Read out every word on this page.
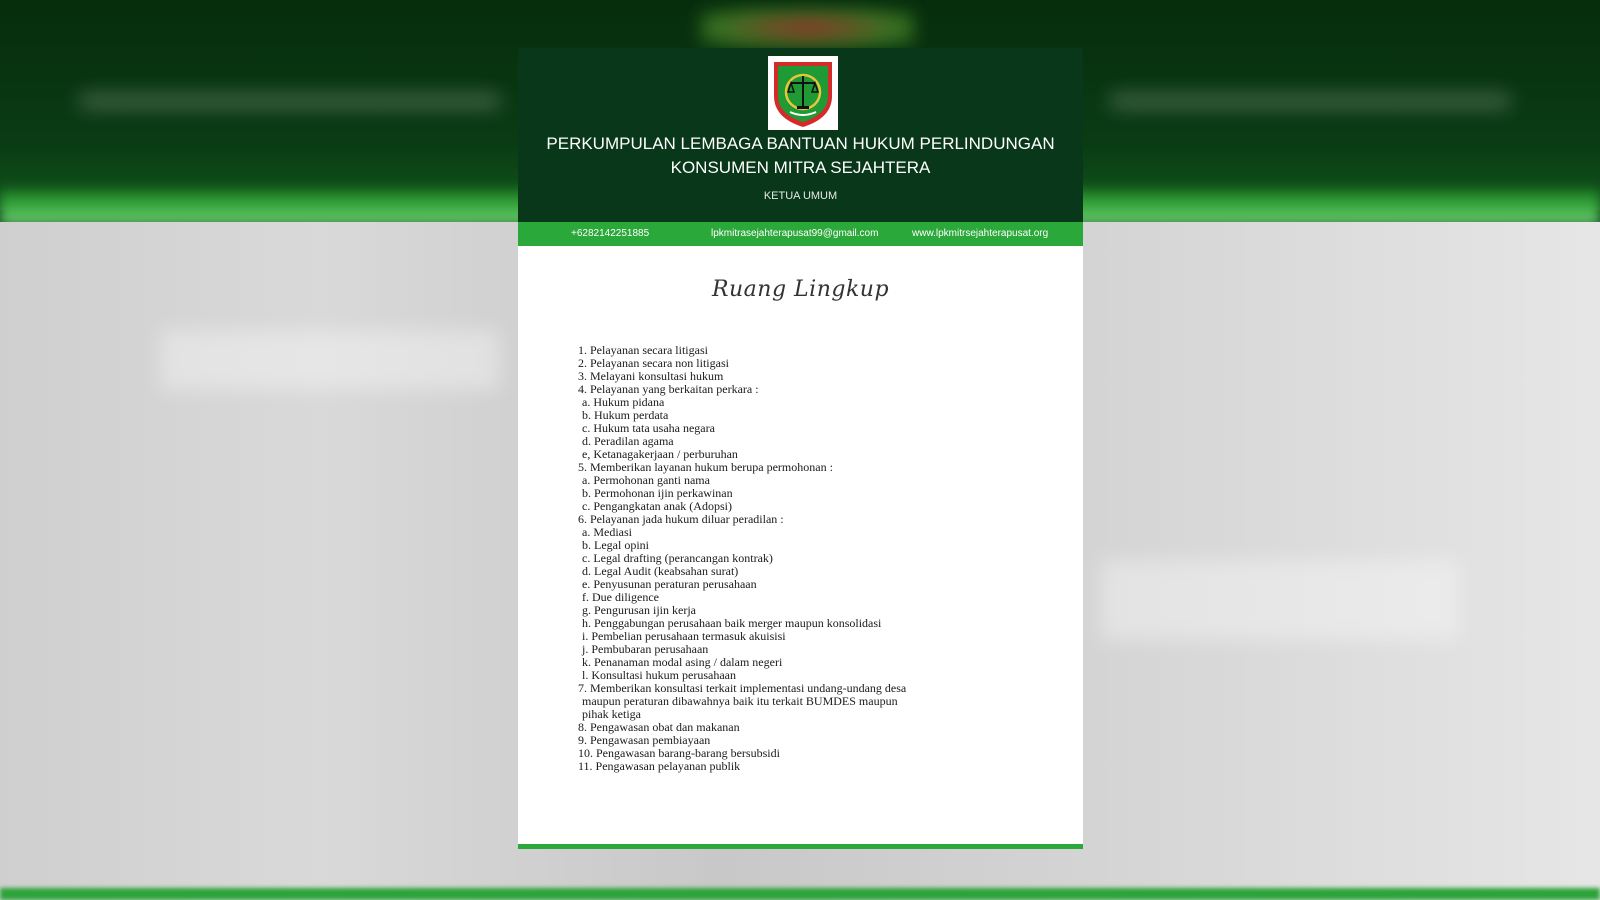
PERKUMPULAN LEMBAGA BANTUAN HUKUM PERLINDUNGAN
KONSUMEN MITRA SEJAHTERA
KETUA UMUM
+6282142251885	lpkmitrasejahterapusat99@gmail.com	www.lpkmitrsejahterapusat.org
Ruang Lingkup
1. Pelayanan secara litigasi
2. Pelayanan secara non litigasi
3. Melayani konsultasi hukum
4. Pelayanan yang berkaitan perkara :
a. Hukum pidana
b. Hukum perdata
c. Hukum tata usaha negara
d. Peradilan agama
e, Ketanagakerjaan / perburuhan
5. Memberikan layanan hukum berupa permohonan :
a. Permohonan ganti nama
b. Permohonan ijin perkawinan
c. Pengangkatan anak (Adopsi)
6. Pelayanan jada hukum diluar peradilan :
a. Mediasi
b. Legal opini
c. Legal drafting (perancangan kontrak)
d. Legal Audit (keabsahan surat)
e. Penyusunan peraturan perusahaan
f. Due diligence
g. Pengurusan ijin kerja
h. Penggabungan perusahaan baik merger maupun konsolidasi
i. Pembelian perusahaan termasuk akuisisi
j. Pembubaran perusahaan
k. Penanaman modal asing / dalam negeri
l. Konsultasi hukum perusahaan
7. Memberikan konsultasi terkait implementasi undang-undang desa
maupun peraturan dibawahnya baik itu terkait BUMDES maupun
pihak ketiga
8. Pengawasan obat dan makanan
9. Pengawasan pembiayaan
10. Pengawasan barang-barang bersubsidi
11. Pengawasan pelayanan publik
